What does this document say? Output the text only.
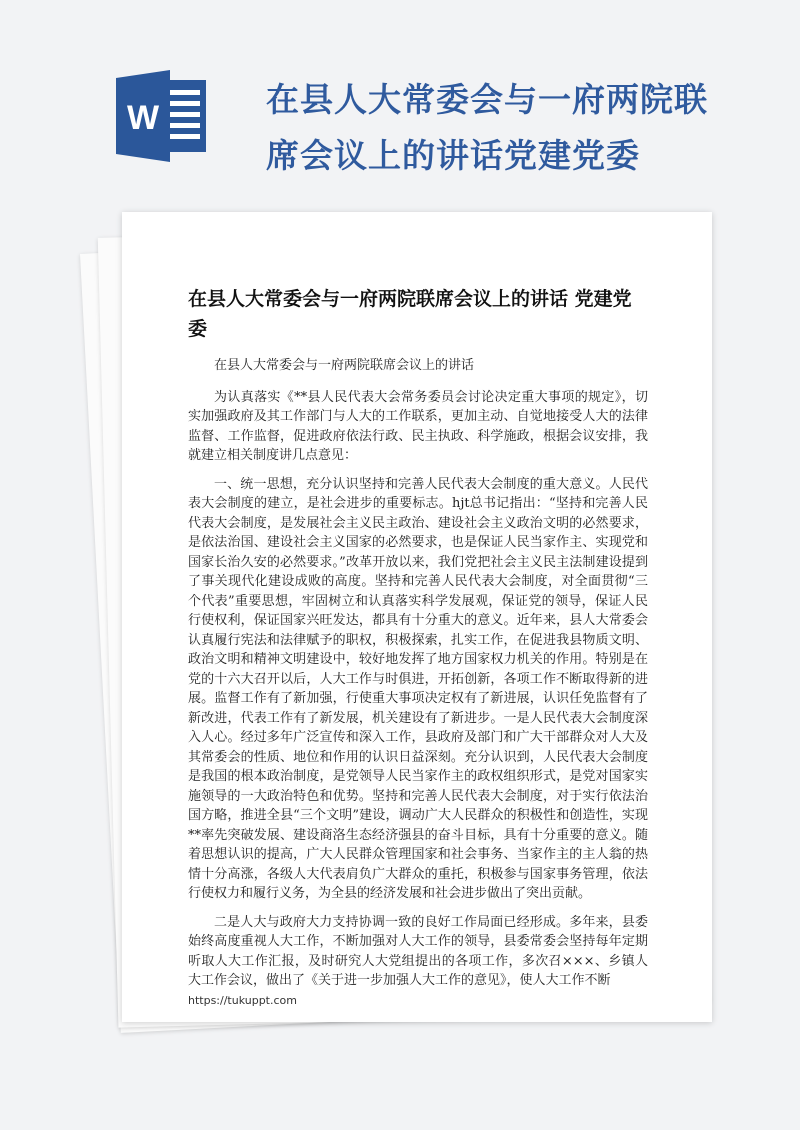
W	在县人大常委会与一府两院联
席会议上的讲话党建党委
在县人大常委会与一府两院联席会议上的讲话 党建党委

在县人大常委会与一府两院联席会议上的讲话

为认真落实《**县人民代表大会常务委员会讨论决定重大事项的规定》，切实加强政府及其工作部门与人大的工作联系，更加主动、自觉地接受人大的法律监督、工作监督，促进政府依法行政、民主执政、科学施政，根据会议安排，我就建立相关制度讲几点意见：

一、统一思想，充分认识坚持和完善人民代表大会制度的重大意义。人民代表大会制度的建立，是社会进步的重要标志。hjt总书记指出：“坚持和完善人民代表大会制度，是发展社会主义民主政治、建设社会主义政治文明的必然要求，是依法治国、建设社会主义国家的必然要求，也是保证人民当家作主、实现党和国家长治久安的必然要求。”改革开放以来，我们党把社会主义民主法制建设提到了事关现代化建设成败的高度。坚持和完善人民代表大会制度，对全面贯彻“三个代表”重要思想，牢固树立和认真落实科学发展观，保证党的领导，保证人民行使权利，保证国家兴旺发达，都具有十分重大的意义。近年来，县人大常委会认真履行宪法和法律赋予的职权，积极探索，扎实工作，在促进我县物质文明、政治文明和精神文明建设中，较好地发挥了地方国家权力机关的作用。特别是在党的十六大召开以后，人大工作与时俱进，开拓创新，各项工作不断取得新的进展。监督工作有了新加强，行使重大事项决定权有了新进展，认识任免监督有了新改进，代表工作有了新发展，机关建设有了新进步。一是人民代表大会制度深入人心。经过多年广泛宣传和深入工作，县政府及部门和广大干部群众对人大及其常委会的性质、地位和作用的认识日益深刻。充分认识到，人民代表大会制度是我国的根本政治制度，是党领导人民当家作主的政权组织形式，是党对国家实施领导的一大政治特色和优势。坚持和完善人民代表大会制度，对于实行依法治国方略，推进全县“三个文明”建设，调动广大人民群众的积极性和创造性，实现**率先突破发展、建设商洛生态经济强县的奋斗目标，具有十分重要的意义。随着思想认识的提高，广大人民群众管理国家和社会事务、当家作主的主人翁的热情十分高涨，各级人大代表肩负广大群众的重托，积极参与国家事务管理，依法行使权力和履行义务，为全县的经济发展和社会进步做出了突出贡献。

二是人大与政府大力支持协调一致的良好工作局面已经形成。多年来，县委始终高度重视人大工作，不断加强对人大工作的领导，县委常委会坚持每年定期听取人大工作汇报，及时研究人大党组提出的各项工作，多次召×××、乡镇人大工作会议，做出了《关于进一步加强人大工作的意见》，使人大工作不断

https://tukuppt.com
